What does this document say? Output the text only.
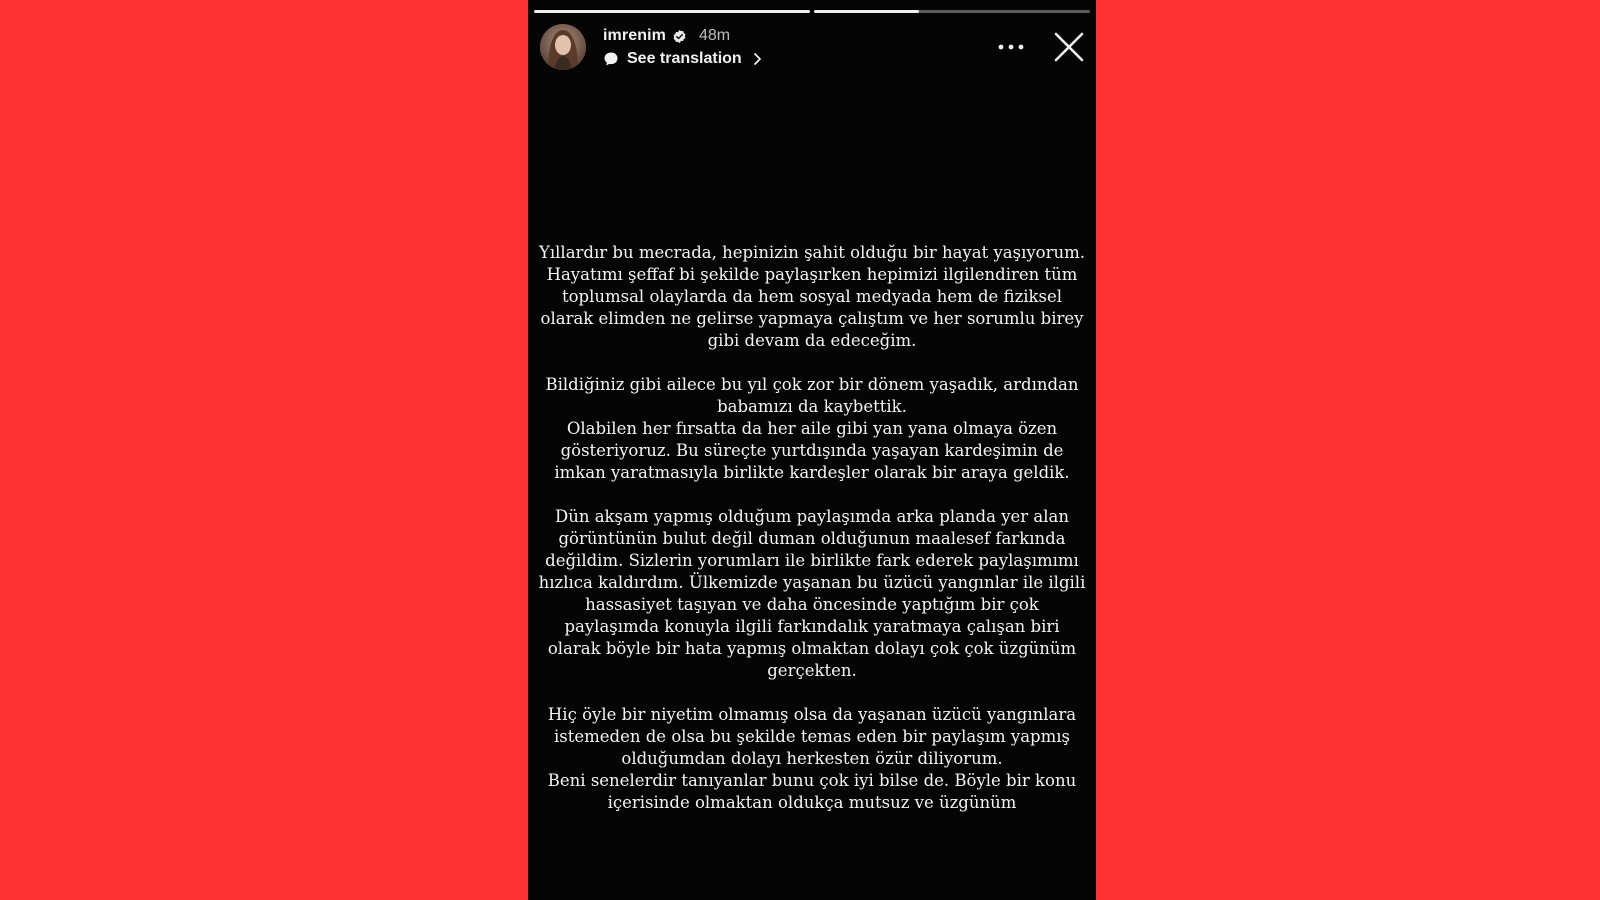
imrenim 48m
See translation

Yıllardır bu mecrada, hepinizin şahit olduğu bir hayat yaşıyorum.
Hayatımı şeffaf bi şekilde paylaşırken hepimizi ilgilendiren tüm
toplumsal olaylarda da hem sosyal medyada hem de fiziksel
olarak elimden ne gelirse yapmaya çalıştım ve her sorumlu birey
gibi devam da edeceğim.

Bildiğiniz gibi ailece bu yıl çok zor bir dönem yaşadık, ardından
babamızı da kaybettik.
Olabilen her fırsatta da her aile gibi yan yana olmaya özen
gösteriyoruz. Bu süreçte yurtdışında yaşayan kardeşimin de
imkan yaratmasıyla birlikte kardeşler olarak bir araya geldik.

Dün akşam yapmış olduğum paylaşımda arka planda yer alan
görüntünün bulut değil duman olduğunun maalesef farkında
değildim. Sizlerin yorumları ile birlikte fark ederek paylaşımımı
hızlıca kaldırdım. Ülkemizde yaşanan bu üzücü yangınlar ile ilgili
hassasiyet taşıyan ve daha öncesinde yaptığım bir çok
paylaşımda konuyla ilgili farkındalık yaratmaya çalışan biri
olarak böyle bir hata yapmış olmaktan dolayı çok çok üzgünüm
gerçekten.

Hiç öyle bir niyetim olmamış olsa da yaşanan üzücü yangınlara
istemeden de olsa bu şekilde temas eden bir paylaşım yapmış
olduğumdan dolayı herkesten özür diliyorum.
Beni senelerdir tanıyanlar bunu çok iyi bilse de. Böyle bir konu
içerisinde olmaktan oldukça mutsuz ve üzgünüm
